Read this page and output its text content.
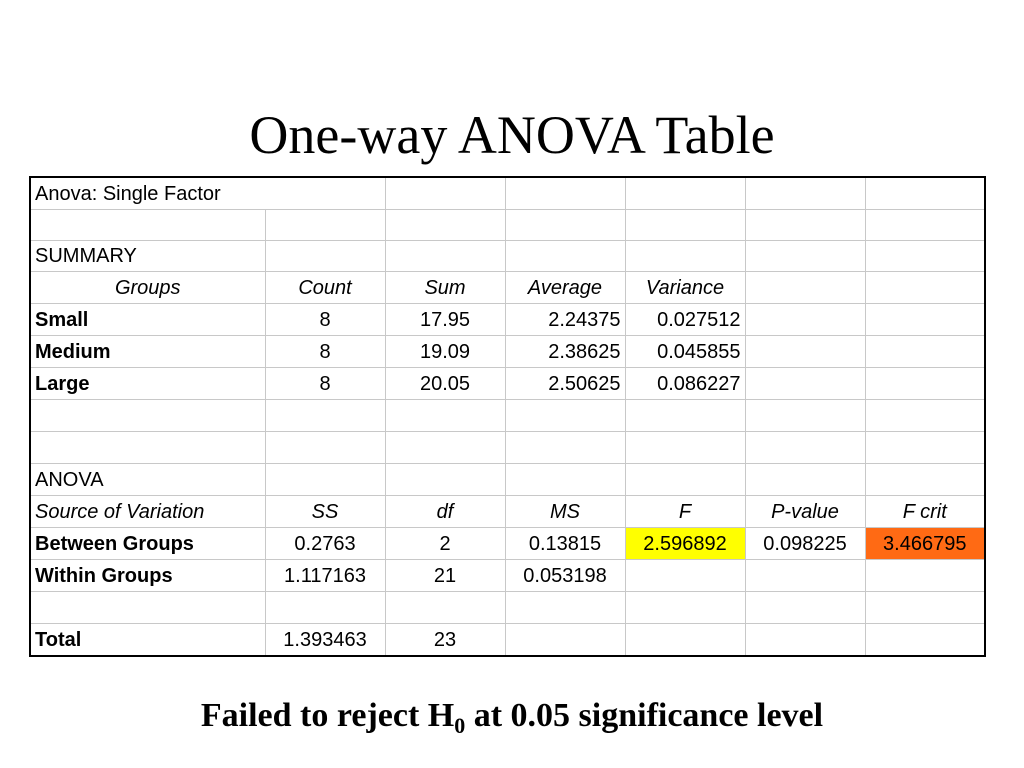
One-way ANOVA Table
Anova: Single Factor						

SUMMARY						
Groups	Count	Sum	Average	Variance		
Small	8	17.95	2.24375	0.027512		
Medium	8	19.09	2.38625	0.045855		
Large	8	20.05	2.50625	0.086227		

ANOVA						
Source of Variation	SS	df	MS	F	P-value	F crit
Between Groups	0.2763	2	0.13815	2.596892	0.098225	3.466795
Within Groups	1.117163	21	0.053198			

Total	1.393463	23				
Failed to reject $H_0$ at 0.05 significance level
